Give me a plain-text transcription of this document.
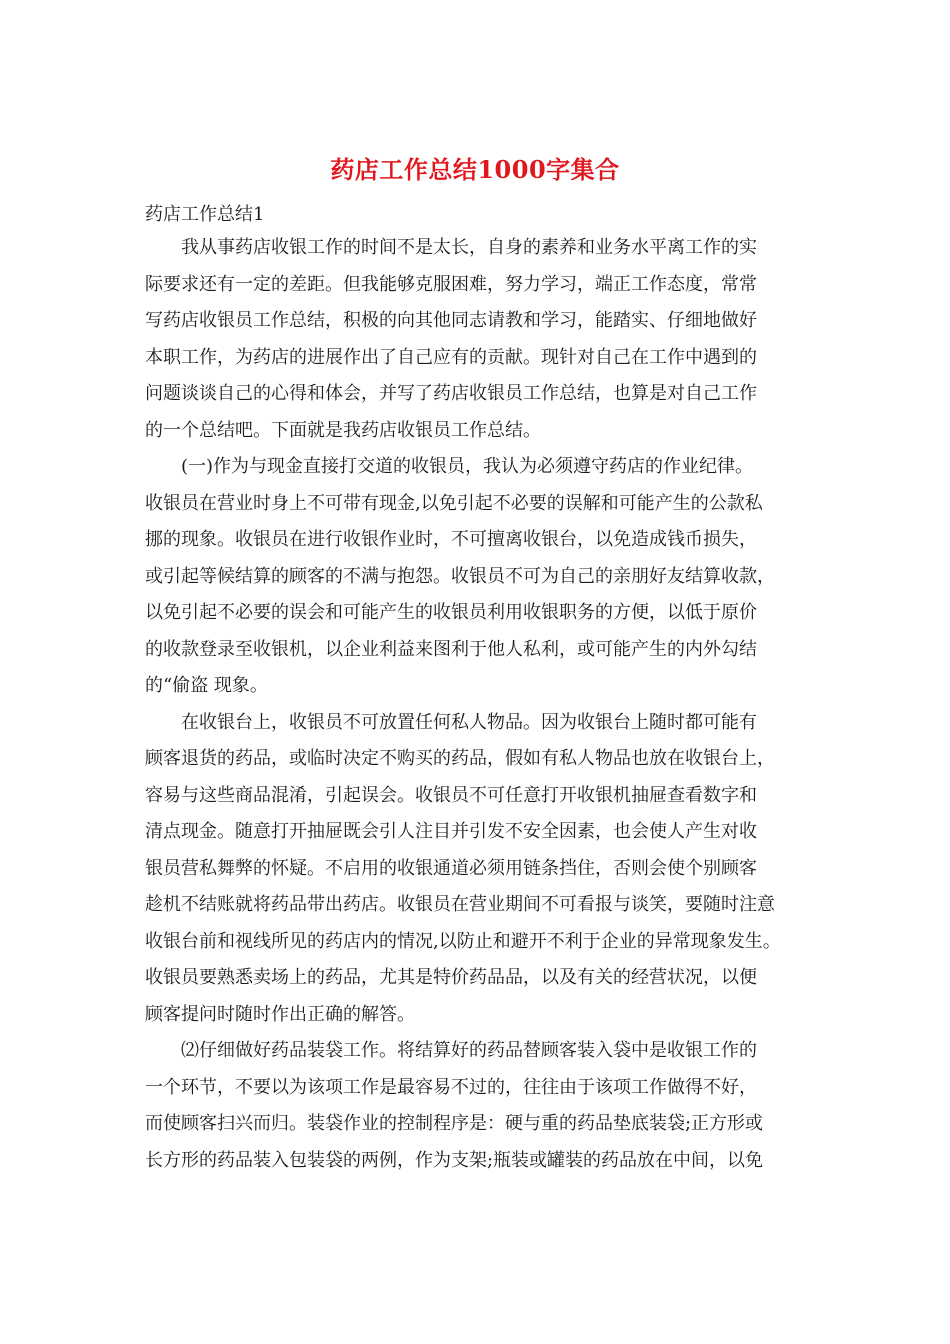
药店工作总结1000字集合
药店工作总结1
　　我从事药店收银工作的时间不是太长，自身的素养和业务水平离工作的实
际要求还有一定的差距。但我能够克服困难，努力学习，端正工作态度，常常
写药店收银员工作总结，积极的向其他同志请教和学习，能踏实、仔细地做好
本职工作，为药店的进展作出了自己应有的贡献。现针对自己在工作中遇到的
问题谈谈自己的心得和体会，并写了药店收银员工作总结，也算是对自己工作
的一个总结吧。下面就是我药店收银员工作总结。
　　(一)作为与现金直接打交道的收银员，我认为必须遵守药店的作业纪律。
收银员在营业时身上不可带有现金,以免引起不必要的误解和可能产生的公款私
挪的现象。收银员在进行收银作业时，不可擅离收银台，以免造成钱币损失，
或引起等候结算的顾客的不满与抱怨。收银员不可为自己的亲朋好友结算收款，
以免引起不必要的误会和可能产生的收银员利用收银职务的方便，以低于原价
的收款登录至收银机，以企业利益来图利于他人私利，或可能产生的内外勾结
的“偷盗 现象。
　　在收银台上，收银员不可放置任何私人物品。因为收银台上随时都可能有
顾客退货的药品，或临时决定不购买的药品，假如有私人物品也放在收银台上，
容易与这些商品混淆，引起误会。收银员不可任意打开收银机抽屉查看数字和
清点现金。随意打开抽屉既会引人注目并引发不安全因素，也会使人产生对收
银员营私舞弊的怀疑。不启用的收银通道必须用链条挡住，否则会使个别顾客
趁机不结账就将药品带出药店。收银员在营业期间不可看报与谈笑，要随时注意
收银台前和视线所见的药店内的情况,以防止和避开不利于企业的异常现象发生。
收银员要熟悉卖场上的药品，尤其是特价药品品，以及有关的经营状况，以便
顾客提问时随时作出正确的解答。
　　⑵仔细做好药品装袋工作。将结算好的药品替顾客装入袋中是收银工作的
一个环节，不要以为该项工作是最容易不过的，往往由于该项工作做得不好，
而使顾客扫兴而归。装袋作业的控制程序是：硬与重的药品垫底装袋;正方形或
长方形的药品装入包装袋的两例，作为支架;瓶装或罐装的药品放在中间，以免
